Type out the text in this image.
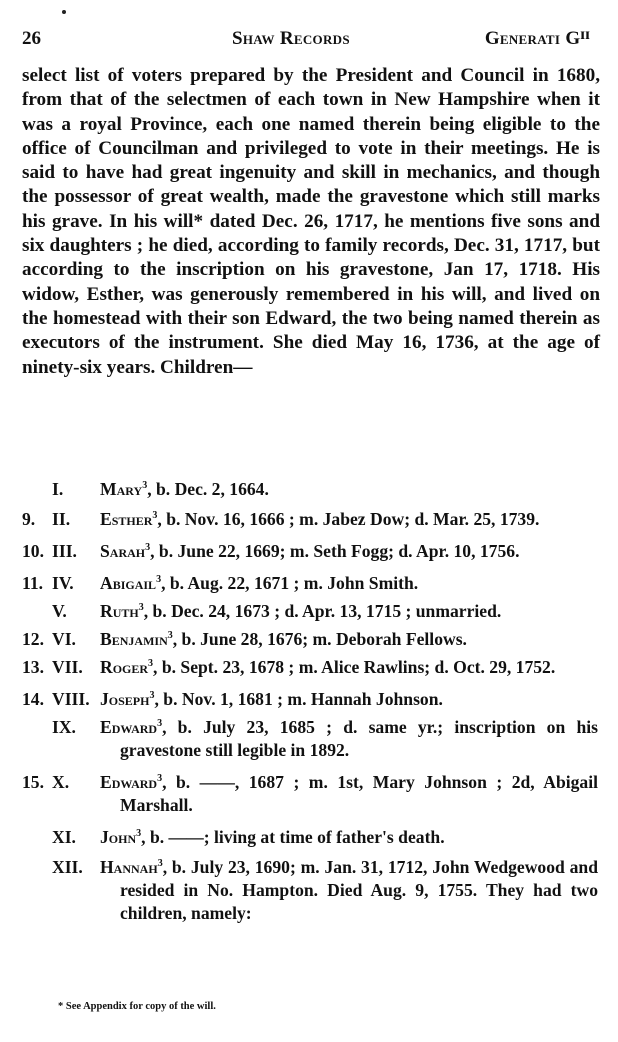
26	Shaw Records	Generati Gᴵᴵ

select list of voters prepared by the President and Council in 1680, from that of the selectmen of each town in New Hampshire when it was a royal Province, each one named therein being eligible to the office of Councilman and privileged to vote in their meetings. He is said to have had great ingenuity and skill in mechanics, and though the possessor of great wealth, made the gravestone which still marks his grave. In his will* dated Dec. 26, 1717, he mentions five sons and six daughters ; he died, according to family records, Dec. 31, 1717, but according to the inscription on his gravestone, Jan 17, 1718. His widow, Esther, was generously remembered in his will, and lived on the homestead with their son Edward, the two being named therein as executors of the instrument. She died May 16, 1736, at the age of ninety-six years. Children—

I.	Mary$^3$, b. Dec. 2, 1664.
9. II.	Esther$^3$, b. Nov. 16, 1666 ; m. Jabez Dow; d. Mar. 25, 1739.
10. III.	Sarah$^3$, b. June 22, 1669; m. Seth Fogg; d. Apr. 10, 1756.
11. IV.	Abigail$^3$, b. Aug. 22, 1671 ; m. John Smith.
V.	Ruth$^3$, b. Dec. 24, 1673 ; d. Apr. 13, 1715 ; unmarried.
12. VI.	Benjamin$^3$, b. June 28, 1676; m. Deborah Fellows.
13. VII. Roger$^3$, b. Sept. 23, 1678 ; m. Alice Rawlins; d. Oct. 29, 1752.
14. VIII. Joseph$^3$, b. Nov. 1, 1681 ; m. Hannah Johnson.
IX.	Edward$^3$, b. July 23, 1685 ; d. same yr.; inscription on his gravestone still legible in 1892.
15. X.	Edward$^3$, b. ——, 1687 ; m. 1st, Mary Johnson ; 2d, Abigail Marshall.
XI.	John$^3$, b. ——; living at time of father's death.
XII. Hannah$^3$, b. July 23, 1690; m. Jan. 31, 1712, John Wedgewood and resided in No. Hampton. Died Aug. 9, 1755. They had two children, namely:
* See Appendix for copy of the will.
